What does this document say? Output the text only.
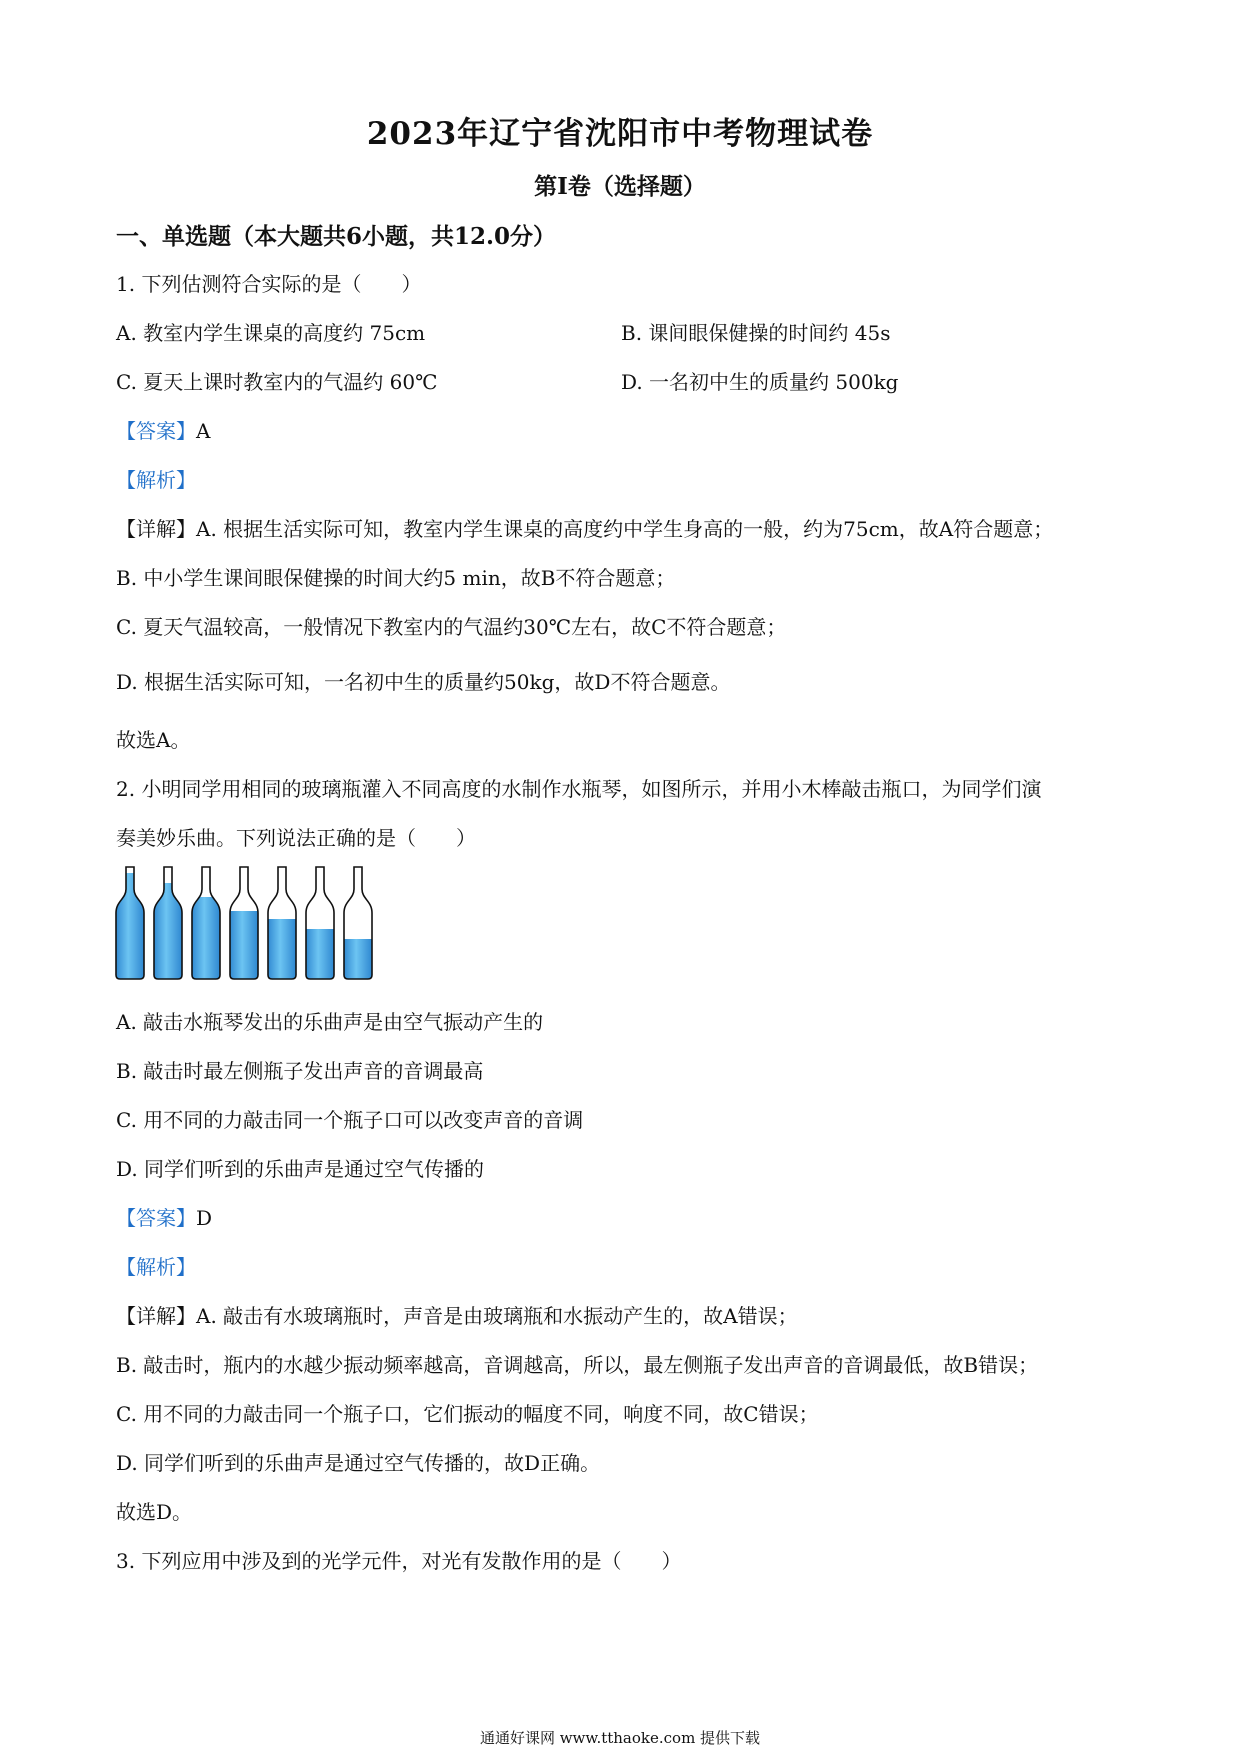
2023年辽宁省沈阳市中考物理试卷
第Ⅰ卷（选择题）
一、单选题（本大题共6小题，共12.0分）
1. 下列估测符合实际的是（　　）
A. 教室内学生课桌的高度约 75cm	B. 课间眼保健操的时间约 45s
C. 夏天上课时教室内的气温约 60℃	D. 一名初中生的质量约 500kg
【答案】A
【解析】
【详解】A. 根据生活实际可知，教室内学生课桌的高度约中学生身高的一般，约为75cm，故A符合题意；
B. 中小学生课间眼保健操的时间大约5 min，故B不符合题意；
C. 夏天气温较高，一般情况下教室内的气温约30℃左右，故C不符合题意；
D. 根据生活实际可知，一名初中生的质量约50kg，故D不符合题意。
故选A。
2. 小明同学用相同的玻璃瓶灌入不同高度的水制作水瓶琴，如图所示，并用小木棒敲击瓶口，为同学们演
奏美妙乐曲。下列说法正确的是（　　）
A. 敲击水瓶琴发出的乐曲声是由空气振动产生的
B. 敲击时最左侧瓶子发出声音的音调最高
C. 用不同的力敲击同一个瓶子口可以改变声音的音调
D. 同学们听到的乐曲声是通过空气传播的
【答案】D
【解析】
【详解】A. 敲击有水玻璃瓶时，声音是由玻璃瓶和水振动产生的，故A错误；
B. 敲击时，瓶内的水越少振动频率越高，音调越高，所以，最左侧瓶子发出声音的音调最低，故B错误；
C. 用不同的力敲击同一个瓶子口，它们振动的幅度不同，响度不同，故C错误；
D. 同学们听到的乐曲声是通过空气传播的，故D正确。
故选D。
3. 下列应用中涉及到的光学元件，对光有发散作用的是（　　）
通通好课网 www.tthaoke.com 提供下载
